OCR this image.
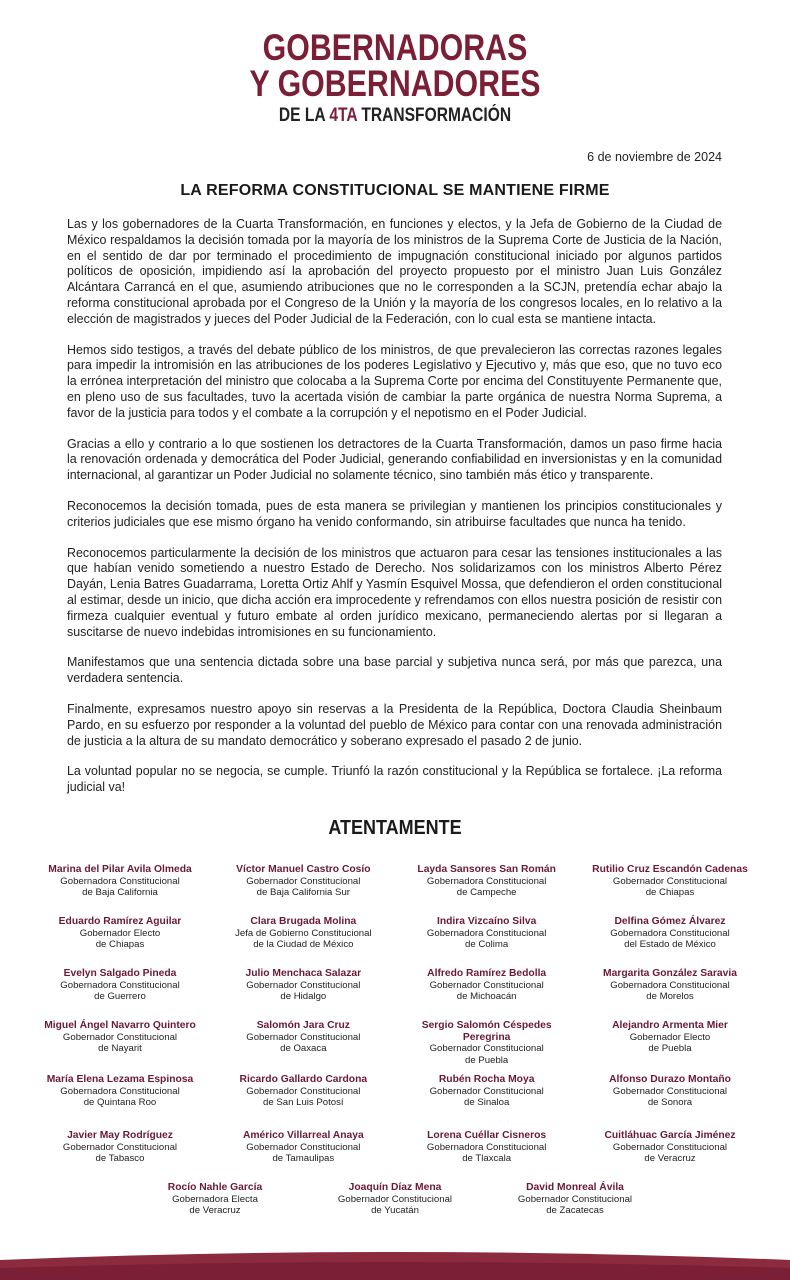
GOBERNADORAS
Y GOBERNADORES
DE LA 4TA TRANSFORMACIÓN
6 de noviembre de 2024
LA REFORMA CONSTITUCIONAL SE MANTIENE FIRME

Las y los gobernadores de la Cuarta Transformación, en funciones y electos, y la Jefa de Gobierno de la Ciudad de México respaldamos la decisión tomada por la mayoría de los ministros de la Suprema Corte de Justicia de la Nación, en el sentido de dar por terminado el procedimiento de impugnación constitucional iniciado por algunos partidos políticos de oposición, impidiendo así la aprobación del proyecto propuesto por el ministro Juan Luis González Alcántara Carrancá en el que, asumiendo atribuciones que no le corresponden a la SCJN, pretendía echar abajo la reforma constitucional aprobada por el Congreso de la Unión y la mayoría de los congresos locales, en lo relativo a la elección de magistrados y jueces del Poder Judicial de la Federación, con lo cual esta se mantiene intacta.

Hemos sido testigos, a través del debate público de los ministros, de que prevalecieron las correctas razones legales para impedir la intromisión en las atribuciones de los poderes Legislativo y Ejecutivo y, más que eso, que no tuvo eco la errónea interpretación del ministro que colocaba a la Suprema Corte por encima del Constituyente Permanente que, en pleno uso de sus facultades, tuvo la acertada visión de cambiar la parte orgánica de nuestra Norma Suprema, a favor de la justicia para todos y el combate a la corrupción y el nepotismo en el Poder Judicial.

Gracias a ello y contrario a lo que sostienen los detractores de la Cuarta Transformación, damos un paso firme hacia la renovación ordenada y democrática del Poder Judicial, generando confiabilidad en inversionistas y en la comunidad internacional, al garantizar un Poder Judicial no solamente técnico, sino también más ético y transparente.

Reconocemos la decisión tomada, pues de esta manera se privilegian y mantienen los principios constitucionales y criterios judiciales que ese mismo órgano ha venido conformando, sin atribuirse facultades que nunca ha tenido.

Reconocemos particularmente la decisión de los ministros que actuaron para cesar las tensiones institucionales a las que habían venido sometiendo a nuestro Estado de Derecho. Nos solidarizamos con los ministros Alberto Pérez Dayán, Lenia Batres Guadarrama, Loretta Ortiz Ahlf y Yasmín Esquivel Mossa, que defendieron el orden constitucional al estimar, desde un inicio, que dicha acción era improcedente y refrendamos con ellos nuestra posición de resistir con firmeza cualquier eventual y futuro embate al orden jurídico mexicano, permaneciendo alertas por si llegaran a suscitarse de nuevo indebidas intromisiones en su funcionamiento.

Manifestamos que una sentencia dictada sobre una base parcial y subjetiva nunca será, por más que parezca, una verdadera sentencia.

Finalmente, expresamos nuestro apoyo sin reservas a la Presidenta de la República, Doctora Claudia Sheinbaum Pardo, en su esfuerzo por responder a la voluntad del pueblo de México para contar con una renovada administración de justicia a la altura de su mandato democrático y soberano expresado el pasado 2 de junio.

La voluntad popular no se negocia, se cumple. Triunfó la razón constitucional y la República se fortalece. ¡La reforma judicial va!

ATENTAMENTE
Marina del Pilar Avila Olmeda
Gobernadora Constitucional
de Baja California
Víctor Manuel Castro Cosío
Gobernador Constitucional
de Baja California Sur
Layda Sansores San Román
Gobernadora Constitucional
de Campeche
Rutilio Cruz Escandón Cadenas
Gobernador Constitucional
de Chiapas
Eduardo Ramírez Aguilar
Gobernador Electo
de Chiapas
Clara Brugada Molina
Jefa de Gobierno Constitucional
de la Ciudad de México
Indira Vizcaíno Silva
Gobernadora Constitucional
de Colima
Delfina Gómez Álvarez
Gobernadora Constitucional
del Estado de México
Evelyn Salgado Pineda
Gobernadora Constitucional
de Guerrero
Julio Menchaca Salazar
Gobernador Constitucional
de Hidalgo
Alfredo Ramírez Bedolla
Gobernador Constitucional
de Michoacán
Margarita González Saravia
Gobernadora Constitucional
de Morelos
Miguel Ángel Navarro Quintero
Gobernador Constitucional
de Nayarit
Salomón Jara Cruz
Gobernador Constitucional
de Oaxaca
Sergio Salomón Céspedes Peregrina
Gobernador Constitucional
de Puebla
Alejandro Armenta Mier
Gobernador Electo
de Puebla
María Elena Lezama Espinosa
Gobernadora Constitucional
de Quintana Roo
Ricardo Gallardo Cardona
Gobernador Constitucional
de San Luis Potosí
Rubén Rocha Moya
Gobernador Constitucional
de Sinaloa
Alfonso Durazo Montaño
Gobernador Constitucional
de Sonora
Javier May Rodríguez
Gobernador Constitucional
de Tabasco
Américo Villarreal Anaya
Gobernador Constitucional
de Tamaulipas
Lorena Cuéllar Cisneros
Gobernadora Constitucional
de Tlaxcala
Cuitláhuac García Jiménez
Gobernador Constitucional
de Veracruz
Rocío Nahle García
Gobernadora Electa
de Veracruz
Joaquín Díaz Mena
Gobernador Constitucional
de Yucatán
David Monreal Ávila
Gobernador Constitucional
de Zacatecas
